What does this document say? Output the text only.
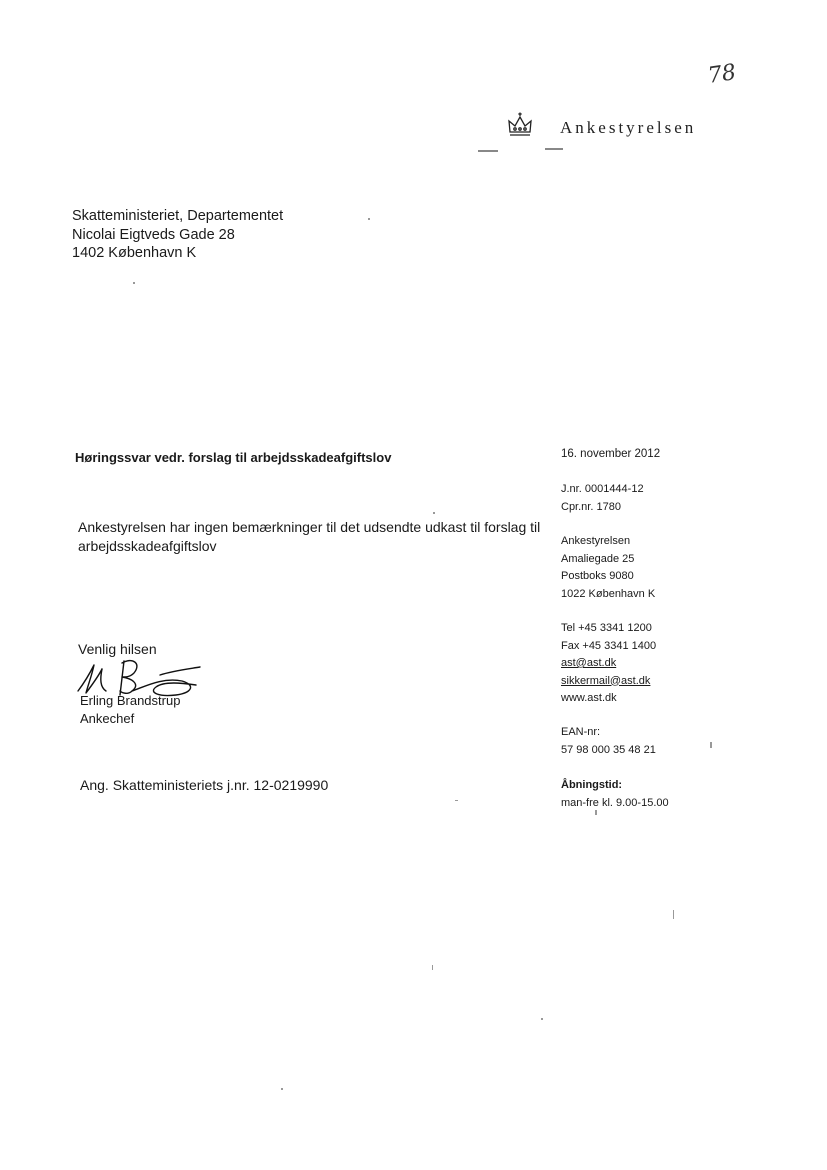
78
Ankestyrelsen
Skatteministeriet, Departementet
Nicolai Eigtveds Gade 28
1402 København K
Høringssvar vedr. forslag til arbejdsskadeafgiftslov	16. november 2012
J.nr. 0001444-12
Cpr.nr. 1780
Ankestyrelsen
Amaliegade 25
Postboks 9080
1022 København K
Tel +45 3341 1200
Fax +45 3341 1400
ast@ast.dk
sikkermail@ast.dk
www.ast.dk
EAN-nr:
57 98 000 35 48 21
Åbningstid:
man-fre kl. 9.00-15.00
Ankestyrelsen har ingen bemærkninger til det udsendte udkast til forslag til
arbejdsskadeafgiftslov
Venlig hilsen
Erling Brandstrup
Ankechef
Ang. Skatteministeriets j.nr. 12-0219990
